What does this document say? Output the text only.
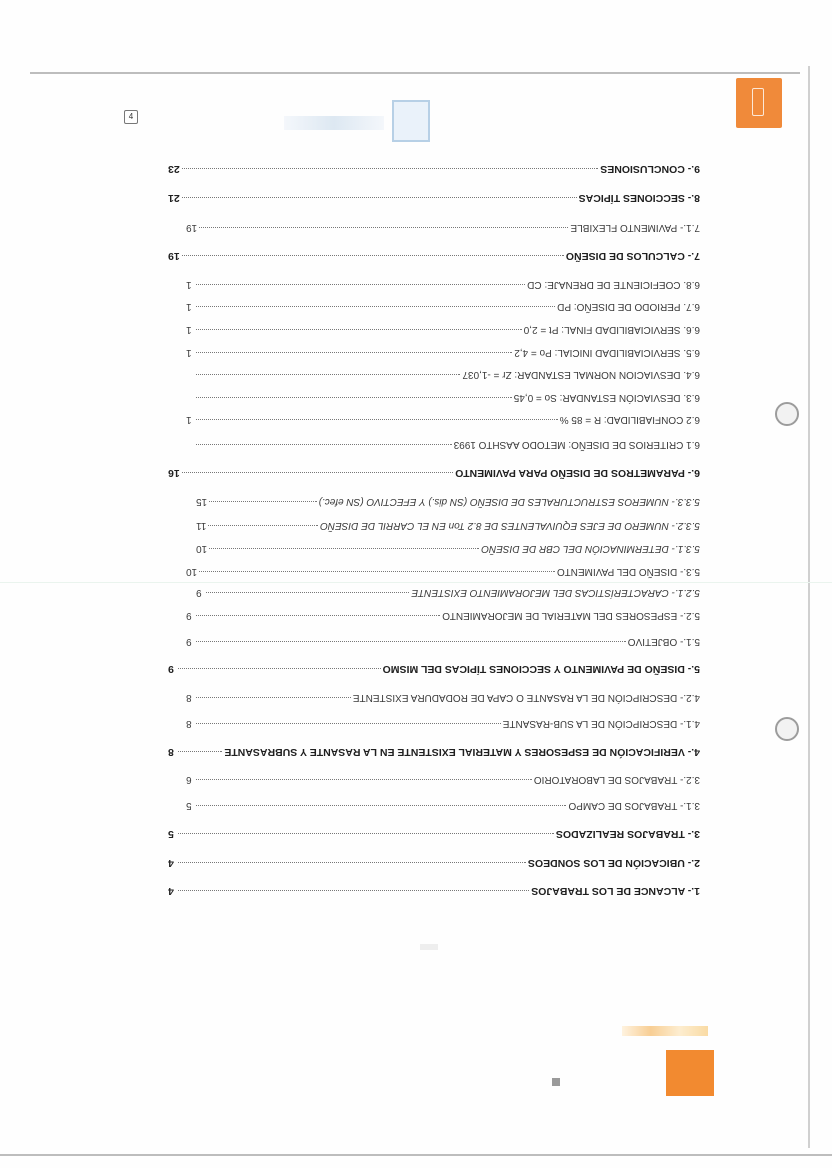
4
1.- ALCANCE DE LOS TRABAJOS
4
2.- UBICACIÓN DE LOS SONDEOS
4
3.- TRABAJOS REALIZADOS
5
3.1.- TRABAJOS DE CAMPO
5
3.2.- TRABAJOS DE LABORATORIO
6
4.- VERIFICACIÓN DE ESPESORES Y MATERIAL EXISTENTE EN LA RASANTE Y SUBRASANTE
8
4.1.- DESCRIPCIÓN DE LA SUB-RASANTE
8
4.2.- DESCRIPCIÓN DE LA RASANTE O CAPA DE RODADURA EXISTENTE
8
5.- DISEÑO DE PAVIMENTO Y SECCIONES TÍPICAS DEL MISMO
9
5.1.- OBJETIVO
9
5.2.- ESPESORES DEL MATERIAL DE MEJORAMIENTO
9
5.2.1.- CARACTERÍSTICAS DEL MEJORAMIENTO EXISTENTE
9
5.3.- DISEÑO DEL PAVIMENTO
10
5.3.1.- DETERMINACIÓN DEL CBR DE DISEÑO
10
5.3.2.- NUMERO DE EJES EQUIVALENTES DE 8.2 Ton EN EL CARRIL DE DISEÑO
11
5.3.3.- NUMEROS ESTRUCTURALES DE DISEÑO (SN dis.) Y EFECTIVO (SN efec.)
15
6.- PARAMETROS DE DISEÑO PARA PAVIMENTO
16
6.1 CRITERIOS DE DISEÑO: METODO AASHTO 1993
6.2 CONFIABILIDAD: R = 85 %
1
6.3. DESVIACIÓN ESTANDAR: So = 0,45
6.4. DESVIACION NORMAL ESTANDAR: Zr = -1,037
6.5. SERVICIABILIDAD INICIAL: Po = 4,2
1
6.6. SERVICIABILIDAD FINAL: Pt = 2,0
1
6.7. PERIODO DE DISEÑO: PD
1
6.8. COEFICIENTE DE DRENAJE: CD
1
7.- CALCULOS DE DISEÑO
19
7.1.- PAVIMENTO FLEXIBLE
19
8.- SECCIONES TÍPICAS
21
9.- CONCLUSIONES
23
